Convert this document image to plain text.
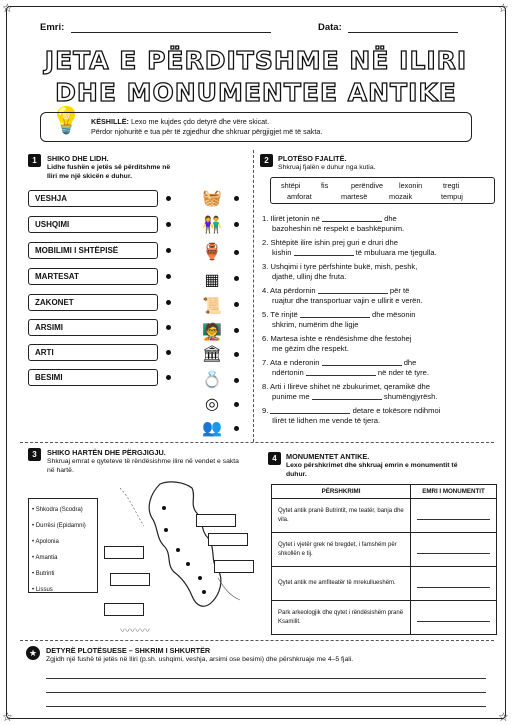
☆	☆
☆	☆
Emri:	Data:
JETA E PËRDITSHME NË ILIRI
DHE MONUMENTEE ANTIKE
💡 KËSHILLË: Lexo me kujdes çdo detyrë dhe vëre skicat.
Përdor njohuritë e tua për të zgjedhur dhe shkruar përgjigjet më të sakta.
1	SHIKO DHE LIDH.
Lidhe fushën e jetës së përditshme në Iliri me një skicën e duhur.
VESHJA
USHQIMI
MOBILIMI I SHTËPISË
MARTESAT
ZAKONET
ARSIMI
ARTI
BESIMI
🧺
👫
🏺
▦
📜
🧑‍🏫
🏛
💍
◎
👥
2	PLOTËSO FJALITË.
Shkruaj fjalën e duhur nga kutia.
shtëpi	fis	perëndive lexonin	tregti
amforat	martesë	mozaik	tempuj
1. Ilirët jetonin në	dhe
bazoheshin në respekt e bashkëpunim.
2. Shtëpitë ilire ishin prej guri e druri dhe
kishin	të mbuluara me tjegulla.
3. Ushqimi i tyre përfshinte bukë, mish, peshk,
djathë, ullinj dhe fruta.
4. Ata përdornin	për të
ruajtur dhe transportuar vajin e ullirit e verën.
5. Të rinjtë	dhe mësonin
shkrim, numërim dhe ligje
6. Martesa ishte e rëndësishme dhe festohej
me gëzim dhe respekt.
7. Ata e nderonin	dhe
ndërtonin	në nder të tyre.
8. Arti i Ilirëve shihet në zbukurimet, qeramikë dhe
punime me	shumëngjyrësh.
9.	detare e tokësore ndihmoi
Ilirët të lidhen me vende të tjera.
3	SHIKO HARTËN DHE PËRGJIGJU.
Shkruaj emrat e qyteteve të rëndësishme ilire në vendet e sakta në hartë.
• Shkodra (Scodra)
• Durrësi (Epidamni)
• Apolonia
• Amantia
• Butrinti
• Lissus
〰〰〰
4	MONUMENTET ANTIKE.
Lexo përshkrimet dhe shkruaj emrin e monumentit të duhur.
PËRSHKRIMI	EMRI I MONUMENTIT
Qytet antik pranë Butrintit, me teatër, banja dhe vila.	

Qytet i vjetër grek në bregdet, i famshëm për shkollën e tij.	

Qytet antik me amfiteatër të mrekullueshëm.	

Park arkeologjik dhe qytet i rëndësishëm pranë Ksamilit.	
★	DETYRË PLOTËSUESE – SHKRIM I SHKURTËR
Zgjidh një fushë të jetës në Iliri (p.sh. ushqimi, veshja, arsimi ose besimi) dhe përshkruaje me 4–5 fjali.
